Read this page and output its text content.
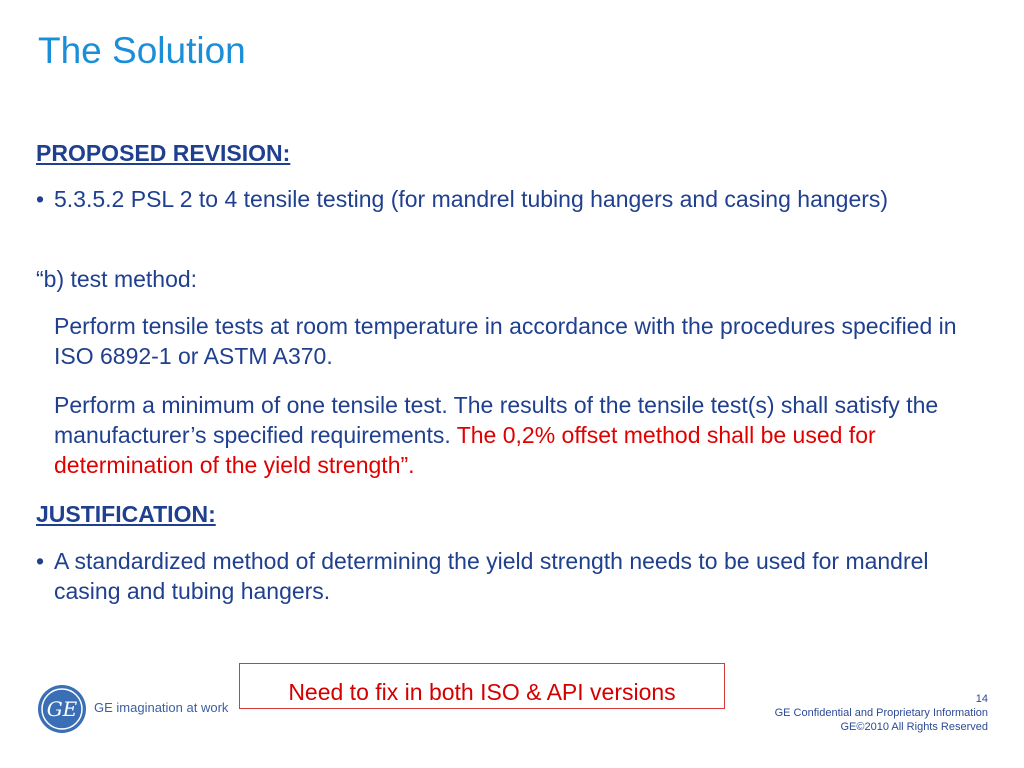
The Solution
PROPOSED REVISION:
• 5.3.5.2 PSL 2 to 4 tensile testing (for mandrel tubing hangers and casing hangers)
“b) test method:
Perform tensile tests at room temperature in accordance with the procedures specified in ISO 6892-1 or ASTM A370.
Perform a minimum of one tensile test. The results of the tensile test(s) shall satisfy the manufacturer’s specified requirements. The 0,2% offset method shall be used for determination of the yield strength”.
JUSTIFICATION:
• A standardized method of determining the yield strength needs to be used for mandrel casing and tubing hangers.
Need to fix in both ISO & API versions
GE GE imagination at work
14
GE Confidential and Proprietary Information
GE©2010 All Rights Reserved
